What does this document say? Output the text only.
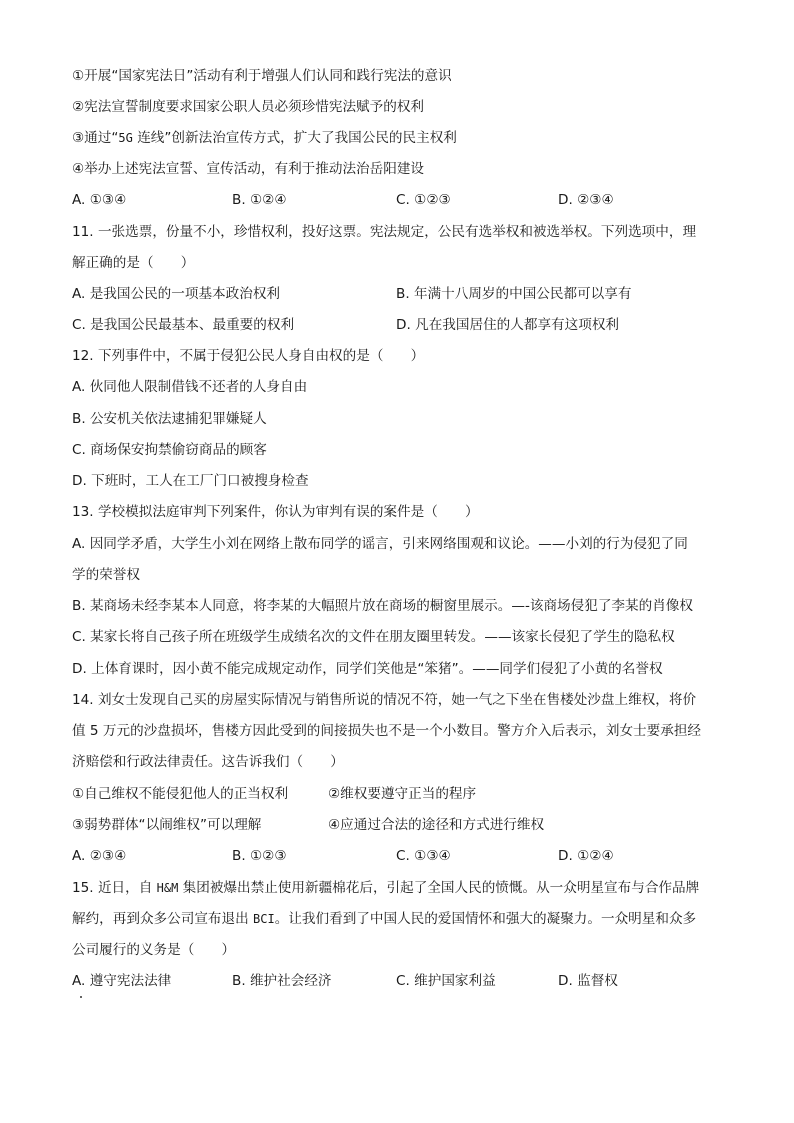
①开展“国家宪法日”活动有利于增强人们认同和践行宪法的意识
②宪法宣誓制度要求国家公职人员必须珍惜宪法赋予的权利
③通过“5G 连线”创新法治宣传方式，扩大了我国公民的民主权利
④举办上述宪法宣誓、宣传活动，有利于推动法治岳阳建设
A. ①③④	B. ①②④	C. ①②③	D. ②③④
11. 一张选票，份量不小，珍惜权利，投好这票。宪法规定，公民有选举权和被选举权。下列选项中，理
解正确的是（　　）
A. 是我国公民的一项基本政治权利	B. 年满十八周岁的中国公民都可以享有
C. 是我国公民最基本、最重要的权利	D. 凡在我国居住的人都享有这项权利
12. 下列事件中，不属于侵犯公民人身自由权的是（　　）
A. 伙同他人限制借钱不还者的人身自由
B. 公安机关依法逮捕犯罪嫌疑人
C. 商场保安拘禁偷窃商品的顾客
D. 下班时，工人在工厂门口被搜身检查
13. 学校模拟法庭审判下列案件，你认为审判有误的案件是（　　）
A. 因同学矛盾，大学生小刘在网络上散布同学的谣言，引来网络围观和议论。——小刘的行为侵犯了同
学的荣誉权
B. 某商场未经李某本人同意，将李某的大幅照片放在商场的橱窗里展示。—-该商场侵犯了李某的肖像权
C. 某家长将自己孩子所在班级学生成绩名次的文件在朋友圈里转发。——该家长侵犯了学生的隐私权
D. 上体育课时，因小黄不能完成规定动作，同学们笑他是“笨猪”。——同学们侵犯了小黄的名誉权
14. 刘女士发现自己买的房屋实际情况与销售所说的情况不符，她一气之下坐在售楼处沙盘上维权，将价
值 5 万元的沙盘损坏，售楼方因此受到的间接损失也不是一个小数目。警方介入后表示，刘女士要承担经
济赔偿和行政法律责任。这告诉我们（　　）
①自己维权不能侵犯他人的正当权利	②维权要遵守正当的程序
③弱势群体“以闹维权”可以理解	④应通过合法的途径和方式进行维权
A. ②③④	B. ①②③	C. ①③④	D. ①②④
15. 近日，自 H&M 集团被爆出禁止使用新疆棉花后，引起了全国人民的愤慨。从一众明星宣布与合作品牌
解约，再到众多公司宣布退出 BCI。让我们看到了中国人民的爱国情怀和强大的凝聚力。一众明星和众多
公司履行的义务是（　　）
A. 遵守宪法法律	B. 维护社会经济	C. 维护国家利益	D. 监督权
